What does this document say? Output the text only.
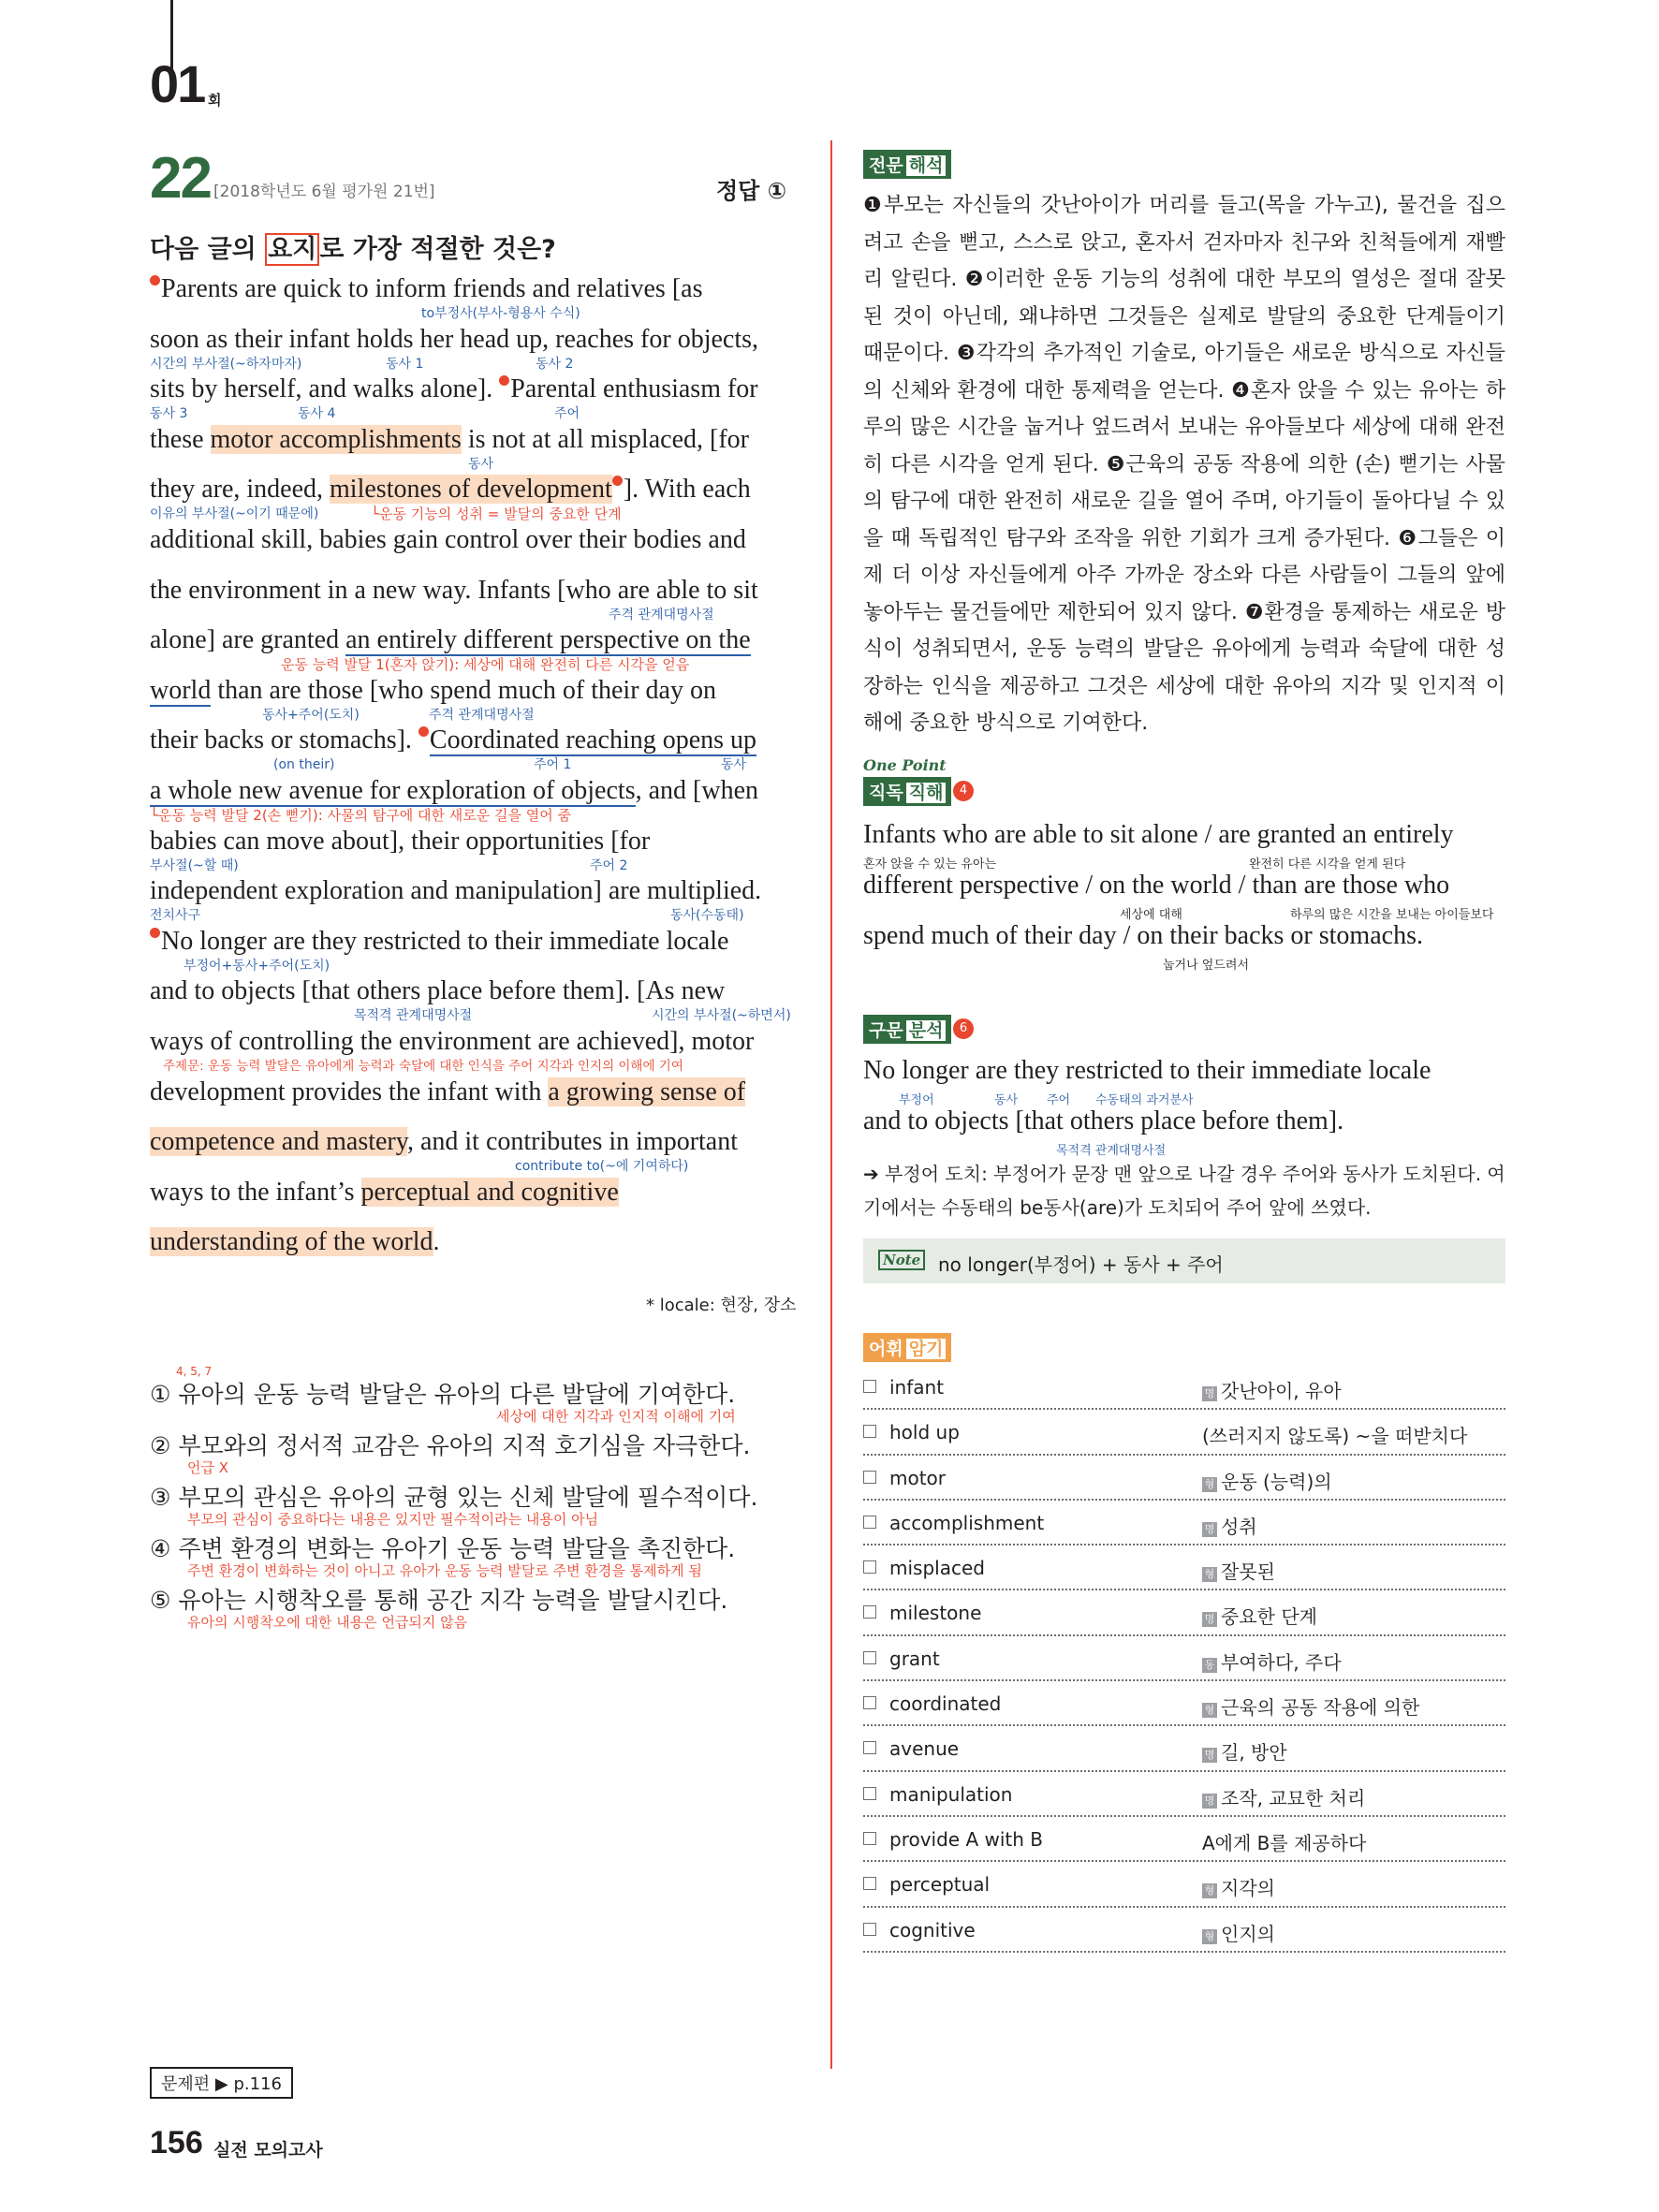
01 회
22 [2018학년도 6월 평가원 21번]	정답 ①
다음 글의 요지 로 가장 적절한 것은?
Parents are quick to inform friends and relatives [as
to부정사(부사-형용사 수식)
soon as their infant holds her head up, reaches for objects,
시간의 부사절(~하자마자)	동사 1	동사 2
sits by herself, and walks alone]. Parental enthusiasm for
동사 3	동사 4	주어
these motor accomplishments is not at all misplaced, [for
동사
they are, indeed, milestones of development ]. With each
이유의 부사절(~이기 때문에)	└운동 기능의 성취 = 발달의 중요한 단계
additional skill, babies gain control over their bodies and
the environment in a new way. Infants [who are able to sit
주격 관계대명사절
alone] are granted an entirely different perspective on the
운동 능력 발달 1(혼자 앉기): 세상에 대해 완전히 다른 시각을 얻음
world than are those [who spend much of their day on
동사+주어(도치)	주격 관계대명사절
their backs or stomachs]. Coordinated reaching opens up
(on their)	주어 1	동사
a whole new avenue for exploration of objects, and [when
└운동 능력 발달 2(손 뻗기): 사물의 탐구에 대한 새로운 길을 열어 줌
babies can move about], their opportunities [for
부사절(~할 때)	주어 2
independent exploration and manipulation] are multiplied.
전치사구	동사(수동태)
No longer are they restricted to their immediate locale
부정어+동사+주어(도치)
and to objects [that others place before them]. [As new
목적격 관계대명사절	시간의 부사절(~하면서)
ways of controlling the environment are achieved], motor
주제문: 운동 능력 발달은 유아에게 능력과 숙달에 대한 인식을 주어 지각과 인지의 이해에 기여
development provides the infant with a growing sense of
competence and mastery, and it contributes in important
contribute to(~에 기여하다)
ways to the infant’s perceptual and cognitive
understanding of the world.
* locale: 현장, 장소
4, 5, 7
① 유아의 운동 능력 발달은 유아의 다른 발달에 기여한다.
세상에 대한 지각과 인지적 이해에 기여
② 부모와의 정서적 교감은 유아의 지적 호기심을 자극한다.
언급 X
③ 부모의 관심은 유아의 균형 있는 신체 발달에 필수적이다.
부모의 관심이 중요하다는 내용은 있지만 필수적이라는 내용이 아님
④ 주변 환경의 변화는 유아기 운동 능력 발달을 촉진한다.
주변 환경이 변화하는 것이 아니고 유아가 운동 능력 발달로 주변 환경을 통제하게 됨
⑤ 유아는 시행착오를 통해 공간 지각 능력을 발달시킨다.
유아의 시행착오에 대한 내용은 언급되지 않음
문제편 ▶ p.116
156 실전 모의고사
전문 해석
❶부모는 자신들의 갓난아이가 머리를 들고(목을 가누고), 물건을 집으려고 손을 뻗고, 스스로 앉고, 혼자서 걷자마자 친구와 친척들에게 재빨리 알린다. ❷이러한 운동 기능의 성취에 대한 부모의 열성은 절대 잘못된 것이 아닌데, 왜냐하면 그것들은 실제로 발달의 중요한 단계들이기 때문이다. ❸각각의 추가적인 기술로, 아기들은 새로운 방식으로 자신들의 신체와 환경에 대한 통제력을 얻는다. ❹혼자 앉을 수 있는 유아는 하루의 많은 시간을 눕거나 엎드려서 보내는 유아들보다 세상에 대해 완전히 다른 시각을 얻게 된다. ❺근육의 공동 작용에 의한 (손) 뻗기는 사물의 탐구에 대한 완전히 새로운 길을 열어 주며, 아기들이 돌아다닐 수 있을 때 독립적인 탐구와 조작을 위한 기회가 크게 증가된다. ❻그들은 이제 더 이상 자신들에게 아주 가까운 장소와 다른 사람들이 그들의 앞에 놓아두는 물건들에만 제한되어 있지 않다. ❼환경을 통제하는 새로운 방식이 성취되면서, 운동 능력의 발달은 유아에게 능력과 숙달에 대한 성장하는 인식을 제공하고 그것은 세상에 대한 유아의 지각 및 인지적 이해에 중요한 방식으로 기여한다.
One Point
직독 직해	4
Infants who are able to sit alone / are granted an entirely
혼자 앉을 수 있는 유아는	완전히 다른 시각을 얻게 된다
different perspective / on the world / than are those who
세상에 대해	하루의 많은 시간을 보내는 아이들보다
spend much of their day / on their backs or stomachs.
눕거나 엎드려서
구문 분석	6
No longer are they restricted to their immediate locale
부정어	동사 주어 수동태의 과거분사
and to objects [that others place before them].
목적격 관계대명사절
➔ 부정어 도치: 부정어가 문장 맨 앞으로 나갈 경우 주어와 동사가 도치된다. 여기에서는 수동태의 be동사(are)가 도치되어 주어 앞에 쓰였다.
Note no longer(부정어) + 동사 + 주어
어휘 암기
infant	명 갓난아이, 유아
hold up	(쓰러지지 않도록) ~을 떠받치다
motor	형 운동 (능력)의
accomplishment	명 성취
misplaced	형 잘못된
milestone	명 중요한 단계
grant	동 부여하다, 주다
coordinated	형 근육의 공동 작용에 의한
avenue	명 길, 방안
manipulation	명 조작, 교묘한 처리
provide A with B	A에게 B를 제공하다
perceptual	형 지각의
cognitive	형 인지의
